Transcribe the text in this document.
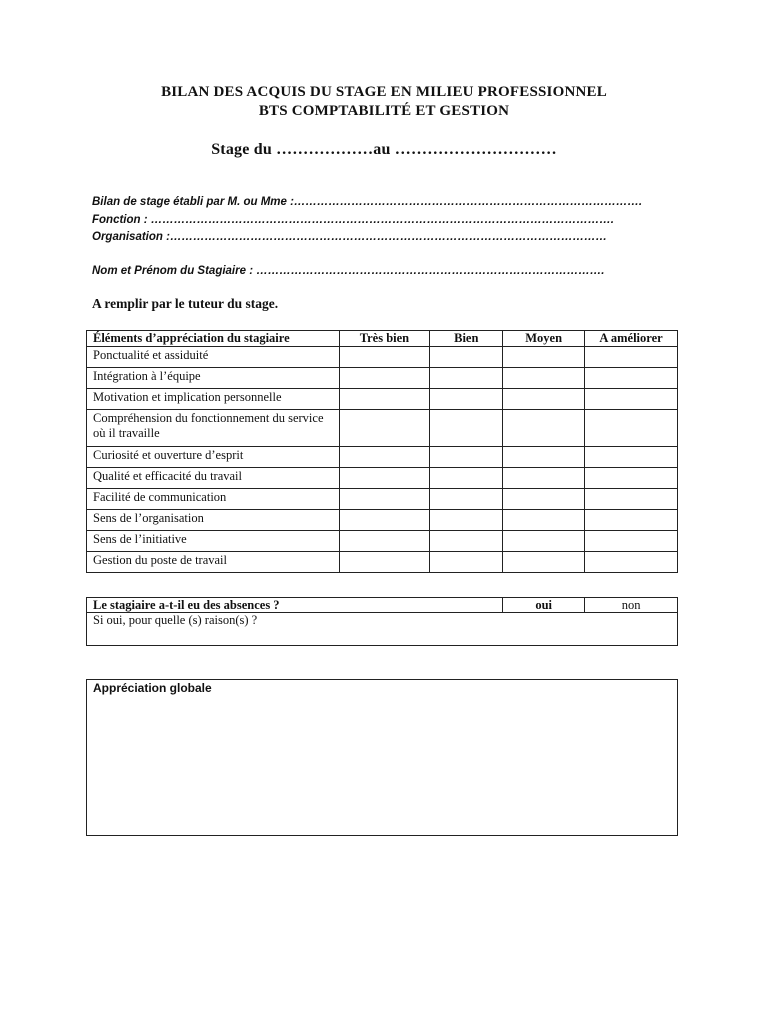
BILAN DES ACQUIS DU STAGE EN MILIEU PROFESSIONNEL
BTS COMPTABILITÉ ET GESTION
Stage du ………………au …………………………
Bilan de stage établi par M. ou Mme :……………………………………………………………………………….
Fonction : ………………………………………………………………………………………………………….
Organisation :……………………………………………………………………………………………………
Nom et Prénom du Stagiaire : ……………………………………………………………………………….
A remplir par le tuteur du stage.
Éléments d’appréciation du stagiaire	Très bien	Bien	Moyen	A améliorer
Ponctualité et assiduité				
Intégration à l’équipe				
Motivation et implication personnelle				
Compréhension du fonctionnement du service où il travaille				
Curiosité et ouverture d’esprit				
Qualité et efficacité du travail				
Facilité de communication				
Sens de l’organisation				
Sens de l’initiative				
Gestion du poste de travail				
Le stagiaire a-t-il eu des absences ?	oui	non
Si oui, pour quelle (s) raison(s) ?
Appréciation globale
